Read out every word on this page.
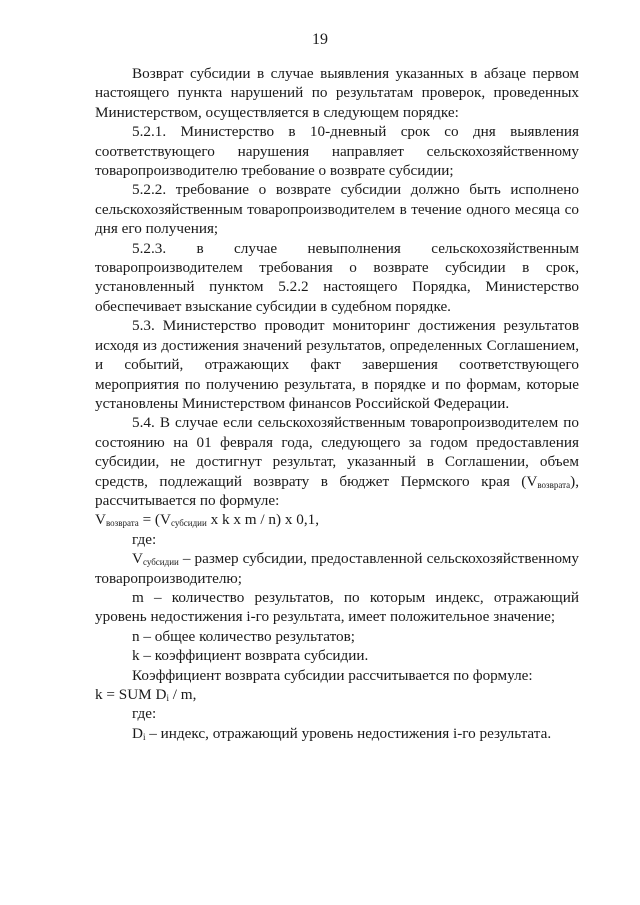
19

Возврат субсидии в случае выявления указанных в абзаце первом настоящего пункта нарушений по результатам проверок, проведенных Министерством, осуществляется в следующем порядке:

5.2.1. Министерство в 10-дневный срок со дня выявления соответствующего нарушения направляет сельскохозяйственному товаропроизводителю требование о возврате субсидии;

5.2.2. требование о возврате субсидии должно быть исполнено сельскохозяйственным товаропроизводителем в течение одного месяца со дня его получения;

5.2.3. в случае невыполнения сельскохозяйственным товаропроизводителем требования о возврате субсидии в срок, установленный пунктом 5.2.2 настоящего Порядка, Министерство обеспечивает взыскание субсидии в судебном порядке.

5.3. Министерство проводит мониторинг достижения результатов исходя из достижения значений результатов, определенных Соглашением, и событий, отражающих факт завершения соответствующего мероприятия по получению результата, в порядке и по формам, которые установлены Министерством финансов Российской Федерации.

5.4. В случае если сельскохозяйственным товаропроизводителем по состоянию на 01 февраля года, следующего за годом предоставления субсидии, не достигнут результат, указанный в Соглашении, объем средств, подлежащий возврату в бюджет Пермского края $(V_{возврата})$, рассчитывается по формуле:

$V_{возврата} = (V_{субсидии}$ x k x m / n) x 0,1,

где:

$V_{субсидии}$ – размер субсидии, предоставленной сельскохозяйственному товаропроизводителю;

m – количество результатов, по которым индекс, отражающий уровень недостижения i-го результата, имеет положительное значение;

n – общее количество результатов;

k – коэффициент возврата субсидии.

Коэффициент возврата субсидии рассчитывается по формуле:

k = SUM $D_i$ / m,

где:

$D_i$ – индекс, отражающий уровень недостижения i-го результата.
